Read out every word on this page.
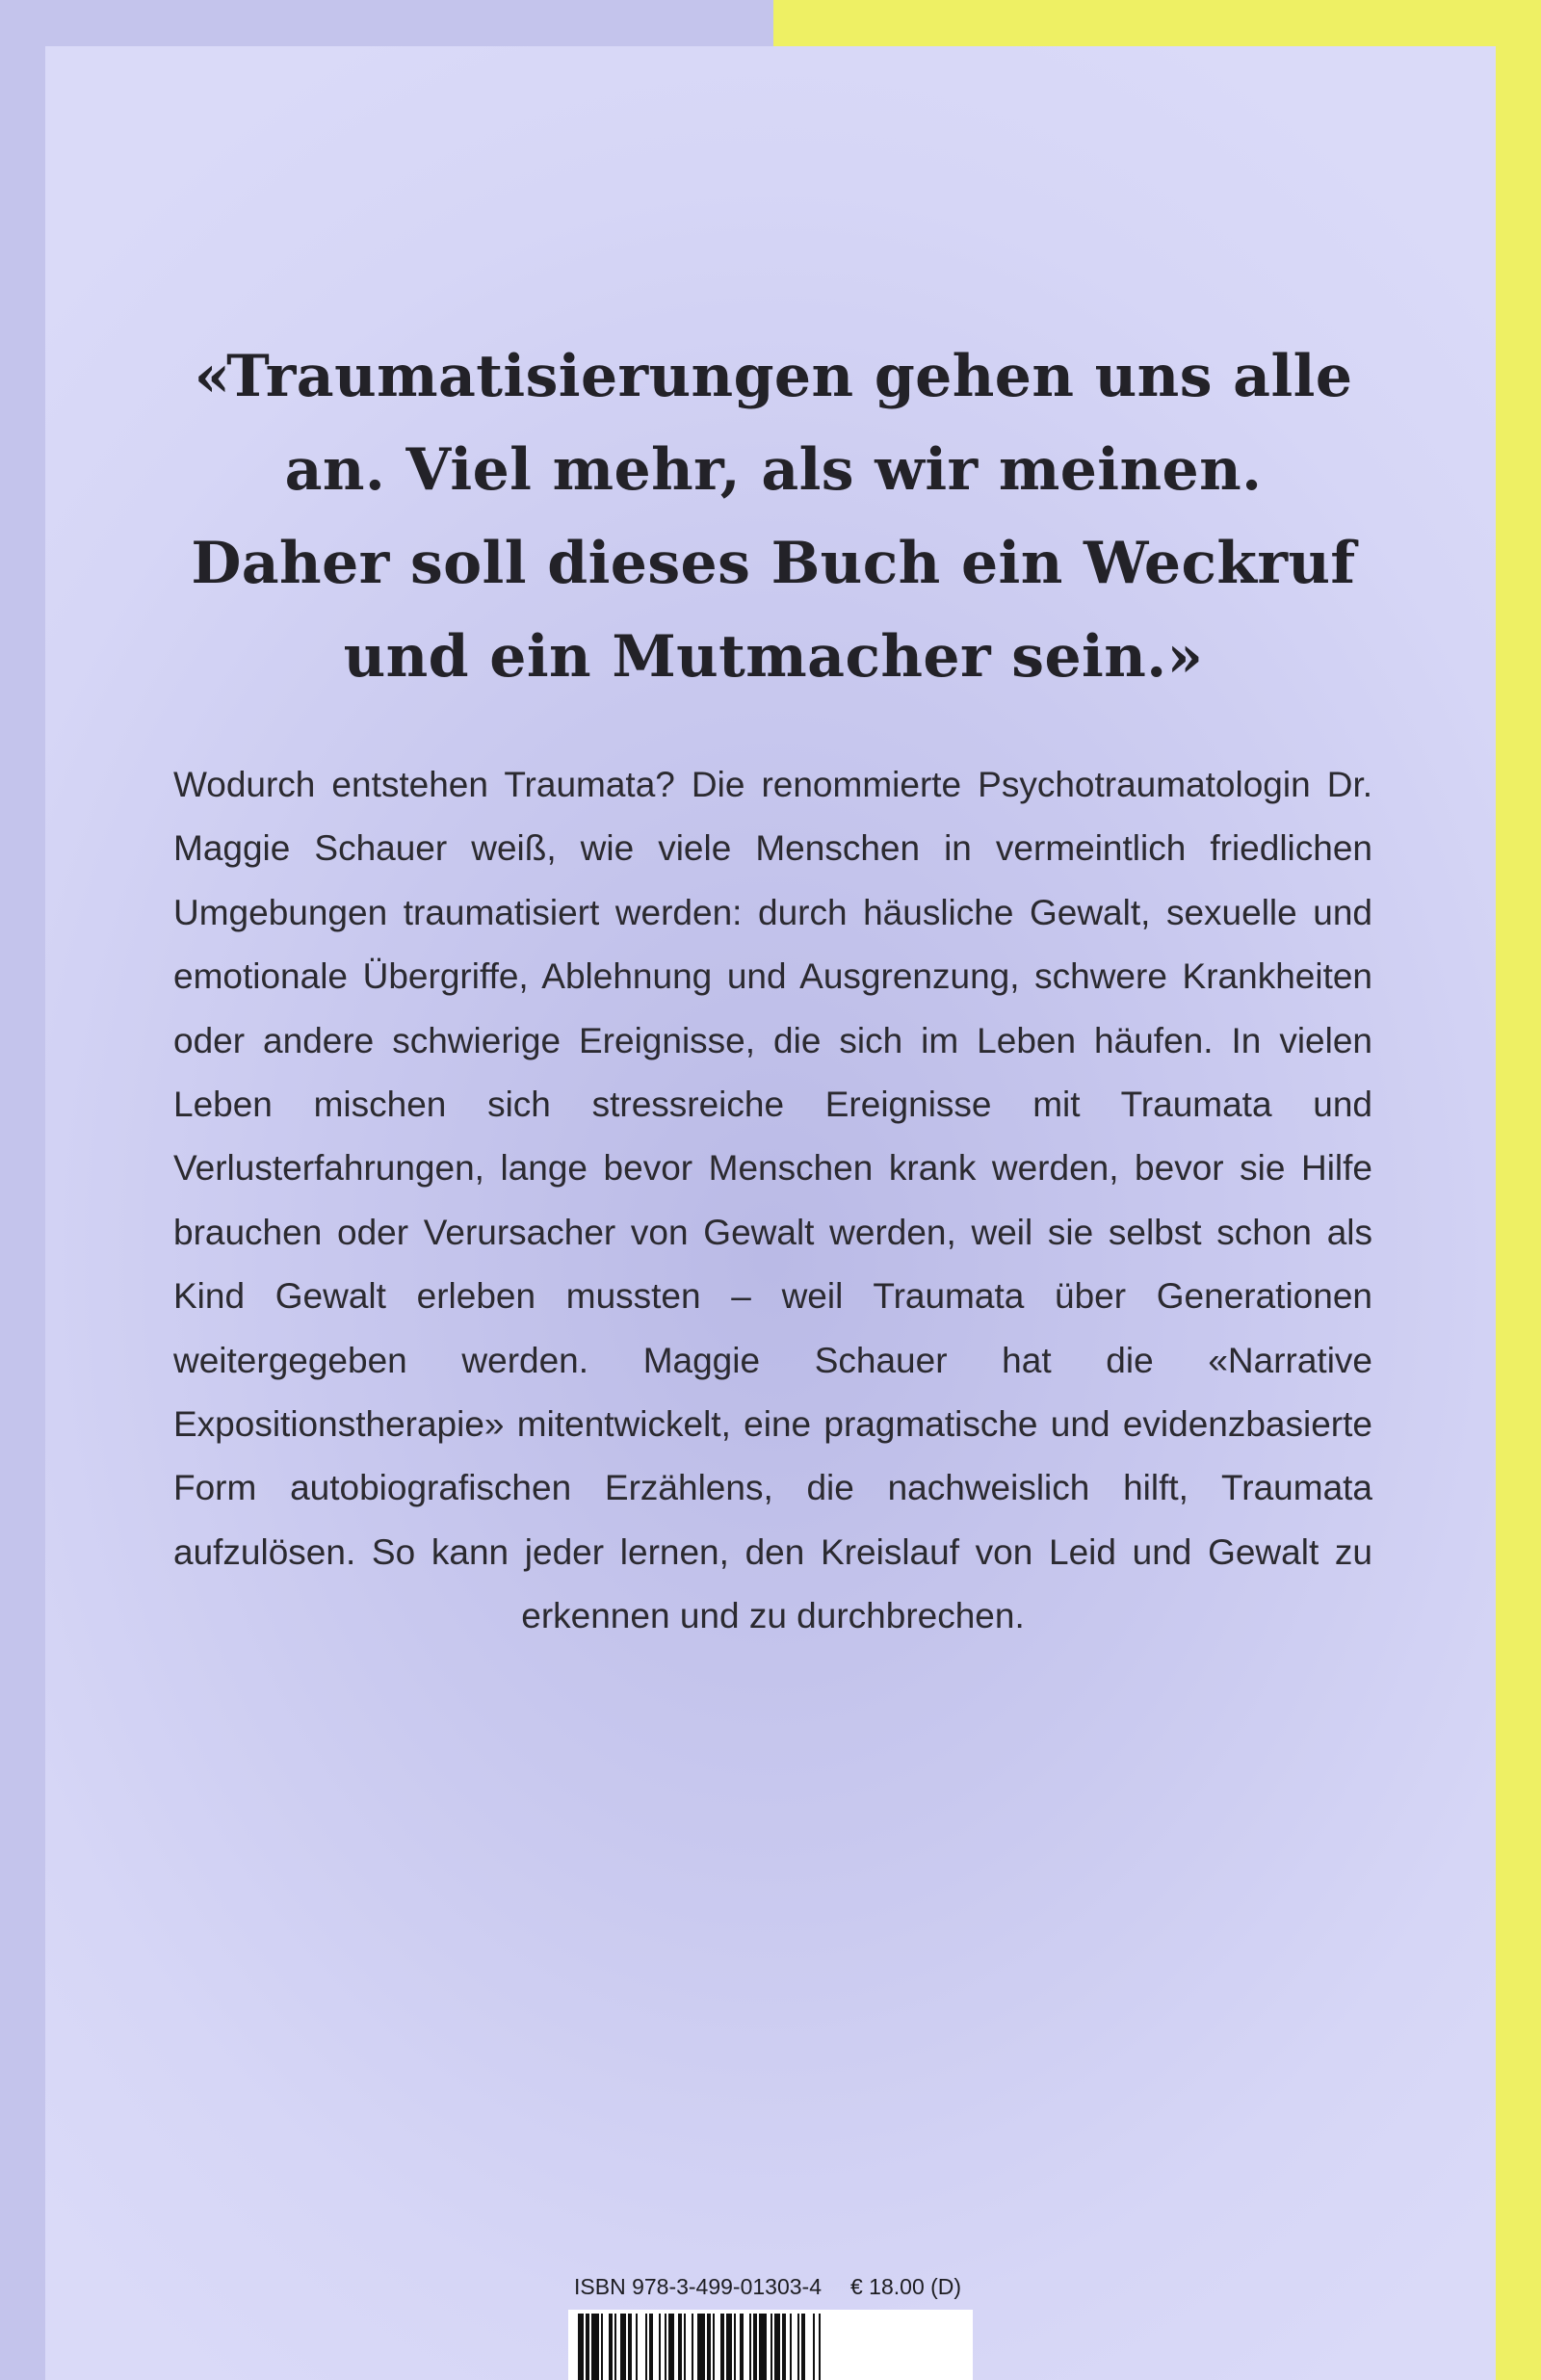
«Traumatisierungen gehen uns alle
an. Viel mehr, als wir meinen.
Daher soll dieses Buch ein Weckruf
und ein Mutmacher sein.»

Wodurch entstehen Traumata? Die renommierte Psychotraumatologin Dr. Maggie Schauer weiß, wie viele Menschen in vermeintlich friedlichen Umgebungen traumatisiert werden: durch häusliche Gewalt, sexuelle und emotionale Übergriffe, Ablehnung und Ausgrenzung, schwere Krankheiten oder andere schwierige Ereignisse, die sich im Leben häufen. In vielen Leben mischen sich stressreiche Ereignisse mit Traumata und Verlusterfahrungen, lange bevor Menschen krank werden, bevor sie Hilfe brauchen oder Verursacher von Gewalt werden, weil sie selbst schon als Kind Gewalt erleben mussten – weil Traumata über Generationen weitergegeben werden. Maggie Schauer hat die «Narrative Expositionstherapie» mitentwickelt, eine pragmatische und evidenzbasierte Form autobiografischen Erzählens, die nachweislich hilft, Traumata aufzulösen. So kann jeder lernen, den Kreislauf von Leid und Gewalt zu erkennen und zu durchbrechen.

ISBN 978-3-499-01303-4 € 18.00 (D)
